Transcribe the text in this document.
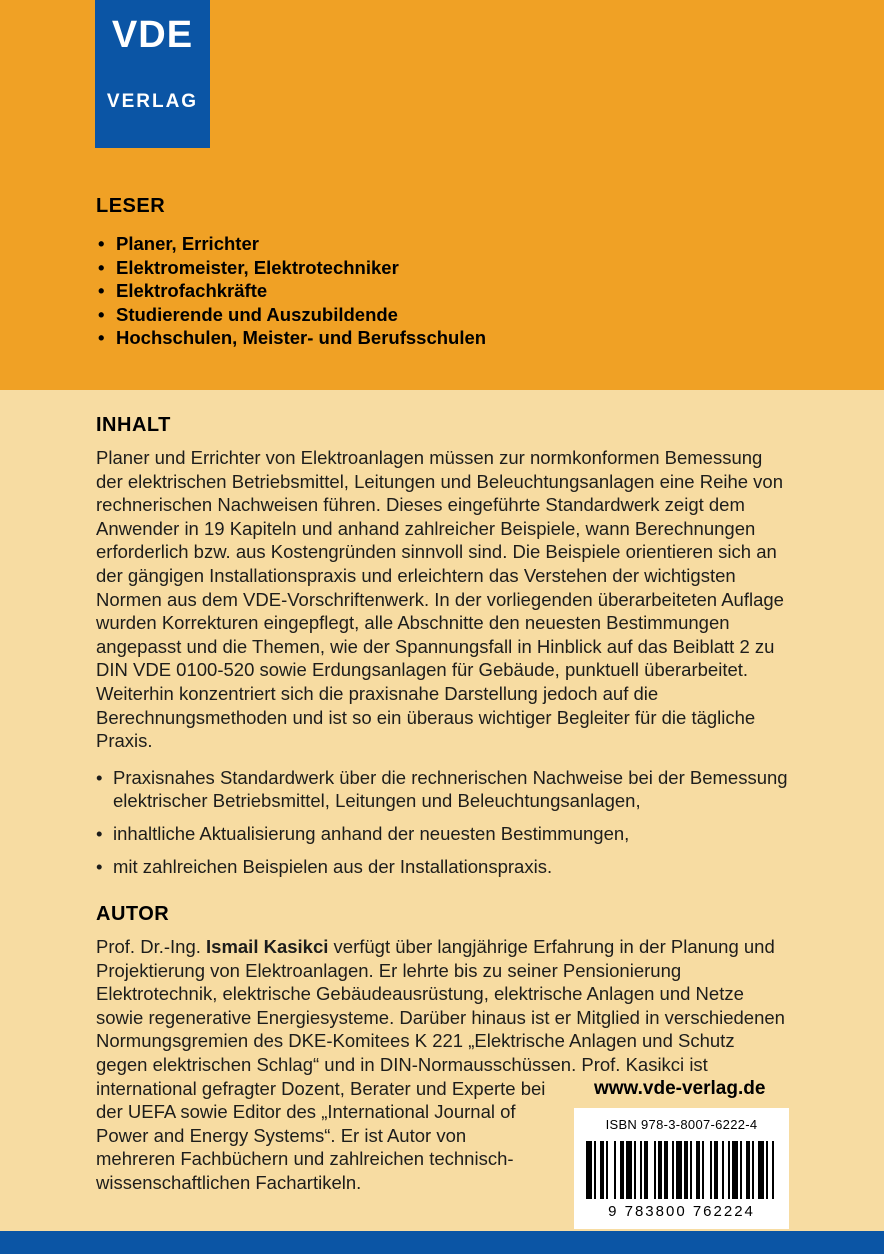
VDE
VERLAG
LESER
• Planer, Errichter
• Elektromeister, Elektrotechniker
• Elektrofachkräfte
• Studierende und Auszubildende
• Hochschulen, Meister- und Berufsschulen
INHALT

Planer und Errichter von Elektroanlagen müssen zur normkonformen Bemessung der elektrischen Betriebsmittel, Leitungen und Beleuchtungsanlagen eine Reihe von rechnerischen Nachweisen führen. Dieses eingeführte Standardwerk zeigt dem Anwender in 19 Kapiteln und anhand zahlreicher Beispiele, wann Berechnungen erforderlich bzw. aus Kostengründen sinnvoll sind. Die Beispiele orientieren sich an der gängigen Installationspraxis und erleichtern das Verstehen der wichtigsten Normen aus dem VDE-Vorschriftenwerk. In der vorliegenden überarbeiteten Auflage wurden Korrekturen eingepflegt, alle Abschnitte den neuesten Bestimmungen angepasst und die Themen, wie der Spannungsfall in Hinblick auf das Beiblatt 2 zu DIN VDE 0100-520 sowie Erdungsanlagen für Gebäude, punktuell überarbeitet. Weiterhin konzentriert sich die praxisnahe Darstellung jedoch auf die Berechnungsmethoden und ist so ein überaus wichtiger Begleiter für die tägliche Praxis.

• Praxisnahes Standardwerk über die rechnerischen Nachweise bei der Bemessung elektrischer Betriebsmittel, Leitungen und Beleuchtungsanlagen,
• inhaltliche Aktualisierung anhand der neuesten Bestimmungen,
• mit zahlreichen Beispielen aus der Installationspraxis.
AUTOR

Prof. Dr.-Ing. Ismail Kasikci verfügt über langjährige Erfahrung in der Planung und Projektierung von Elektroanlagen. Er lehrte bis zu seiner Pensionierung Elektrotechnik, elektrische Gebäudeausrüstung, elektrische Anlagen und Netze sowie regenerative Energiesysteme. Darüber hinaus ist er Mitglied in verschiedenen Normungsgremien des DKE-Komitees K 221 „Elektrische Anlagen und Schutz gegen elektrischen Schlag“ und in DIN-Normausschüssen. Prof. Kasikci
www.vde-verlag.de
ISBN 978-3-8007-6222-4
9 783800 762224
ist international gefragter Dozent, Berater und Experte bei der UEFA sowie Editor des „International Journal of Power and Energy Systems“. Er ist Autor von mehreren Fachbüchern und zahlreichen technisch-wissenschaftlichen Fachartikeln.
